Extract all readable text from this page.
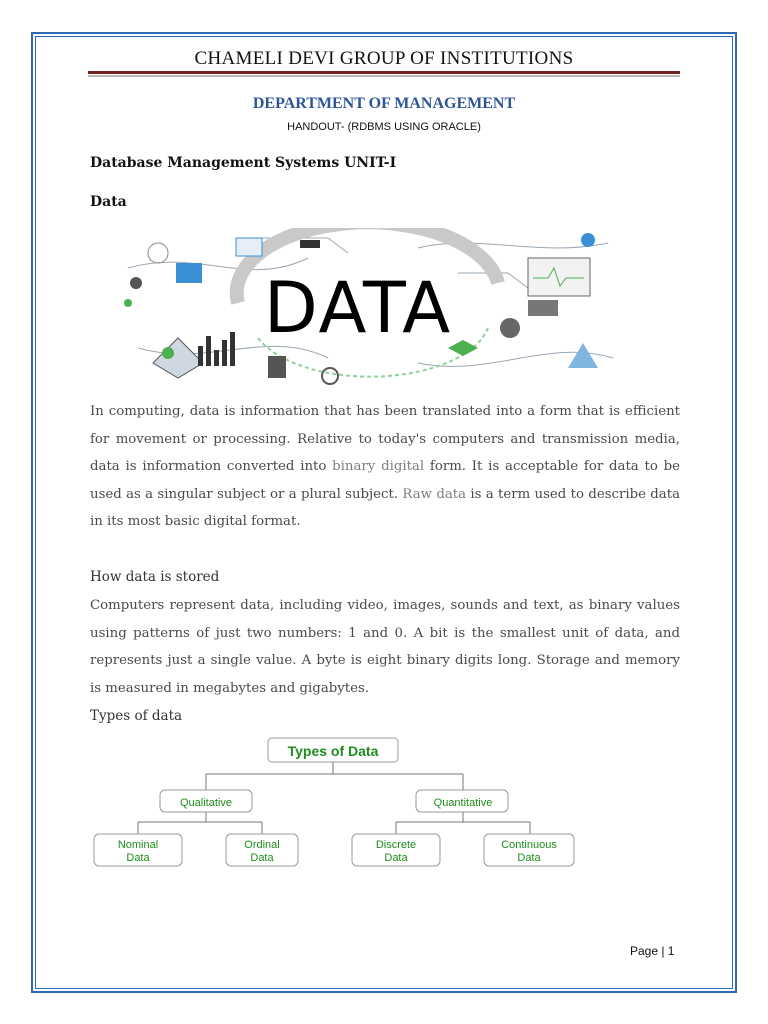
CHAMELI DEVI GROUP OF INSTITUTIONS
DEPARTMENT OF MANAGEMENT
HANDOUT- (RDBMS USING ORACLE)
Database Management Systems UNIT-I
Data
DATA

In computing, data is information that has been translated into a form that is efficient for movement or processing. Relative to today's computers and transmission media, data is information converted into binary digital form. It is acceptable for data to be used as a singular subject or a plural subject. Raw data is a term used to describe data in its most basic digital format.

How data is stored

Computers represent data, including video, images, sounds and text, as binary values using patterns of just two numbers: 1 and 0. A bit is the smallest unit of data, and represents just a single value. A byte is eight binary digits long. Storage and memory is measured in megabytes and gigabytes.

Types of data
Types of Data
Qualitative	Quantitative
Nominal
Data
Ordinal
Data
Discrete
Data
Continuous
Data
Page | 1
